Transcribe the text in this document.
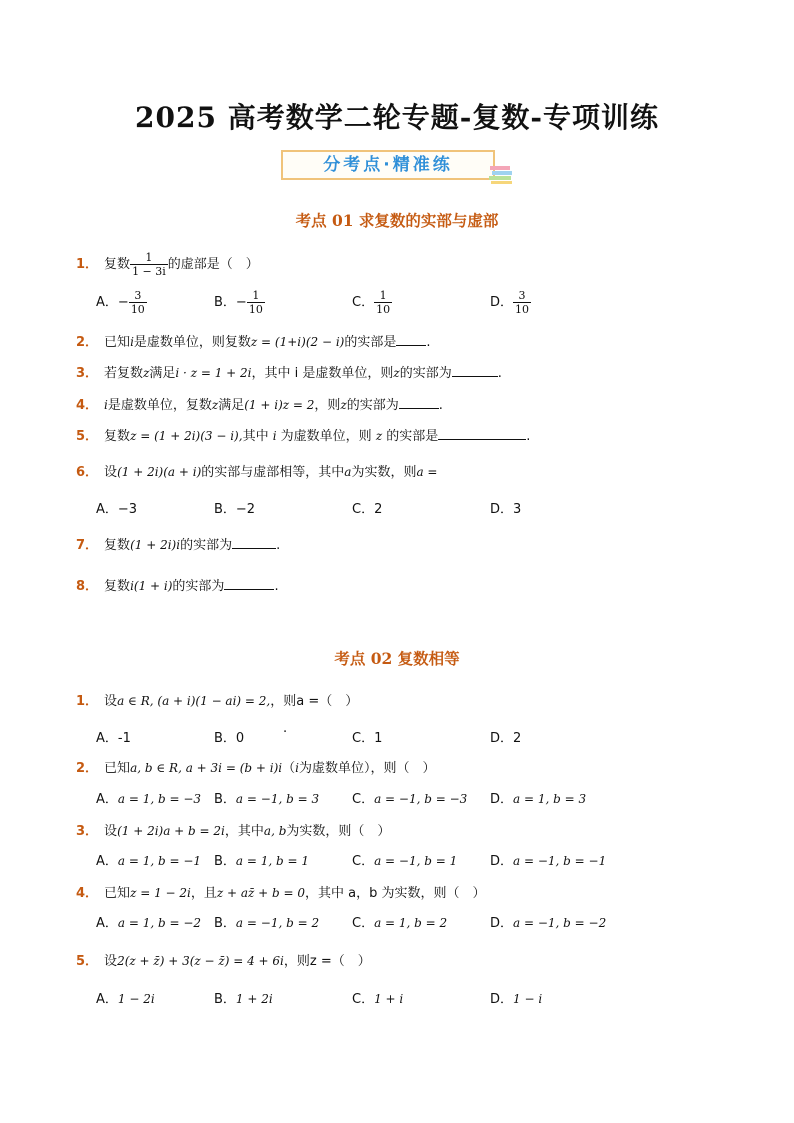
2025 高考数学二轮专题-复数-专项训练
分考点·精准练
考点 01 求复数的实部与虚部
1． 复数 $\frac{1}{1 - 3i}$ 的虚部是（　）
A．− $\frac{3}{10}$	B．− $\frac{1}{10}$	C． $\frac{1}{10}$	D． $\frac{3}{10}$
2． 已知i是虚数单位，则复数z = (1+i)(2 − i)的实部是 .
3． 若复数z满足i · z = 1 + 2i，其中 i 是虚数单位，则z的实部为	.
4． i是虚数单位，复数z满足(1 + i)z = 2，则z的实部为	.
5． 复数z = (1 + 2i)(3 − i),其中 i 为虚数单位，则 z 的实部是	.
6． 设(1 + 2i)(a + i)的实部与虚部相等，其中a为实数，则a =
A．−3	B．−2	C．2	D．3
7． 复数(1 + 2i)i的实部为	.
8． 复数i(1 + i)的实部为	.
考点 02 复数相等
1． 设a ∈ R, (a + i)(1 − ai) = 2,，则a =（　）
A．-1	B．0	·	C．1	D．2
2． 已知a, b ∈ R, a + 3i = (b + i)i（i为虚数单位），则（　）
A．a = 1, b = −3 B．a = −1, b = 3	C．a = −1, b = −3 D．a = 1, b = 3
3． 设(1 + 2i)a + b = 2i，其中a, b为实数，则（　）
A．a = 1, b = −1 B．a = 1, b = 1	C．a = −1, b = 1	D．a = −1, b = −1
4． 已知z = 1 − 2i，且z + az̄ + b = 0，其中 a，b 为实数，则（　）
A．a = 1, b = −2 B．a = −1, b = 2	C．a = 1, b = 2	D．a = −1, b = −2
5． 设2(z + z̄) + 3(z − z̄) = 4 + 6i，则z =（　）
A．1 − 2i	B．1 + 2i	C．1 + i	D．1 − i
